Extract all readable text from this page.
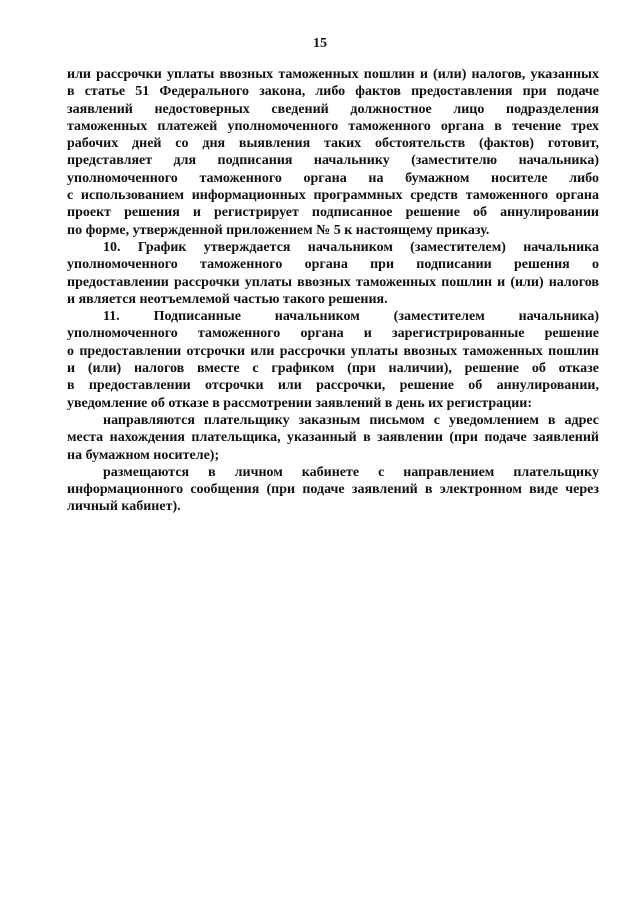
15
или рассрочки уплаты ввозных таможенных пошлин и (или) налогов, указанных
в статье 51 Федерального закона, либо фактов предоставления при подаче
заявлений недостоверных сведений должностное лицо подразделения
таможенных платежей уполномоченного таможенного органа в течение трех
рабочих дней со дня выявления таких обстоятельств (фактов) готовит,
представляет для подписания начальнику (заместителю начальника)
уполномоченного таможенного органа на бумажном носителе либо
с использованием информационных программных средств таможенного органа
проект решения и регистрирует подписанное решение об аннулировании
по форме, утвержденной приложением № 5 к настоящему приказу.
10. График утверждается начальником (заместителем) начальника
уполномоченного таможенного органа при подписании решения о
предоставлении рассрочки уплаты ввозных таможенных пошлин и (или) налогов
и является неотъемлемой частью такого решения.
11. Подписанные начальником (заместителем начальника)
уполномоченного таможенного органа и зарегистрированные решение
о предоставлении отсрочки или рассрочки уплаты ввозных таможенных пошлин
и (или) налогов вместе с графиком (при наличии), решение об отказе
в предоставлении отсрочки или рассрочки, решение об аннулировании,
уведомление об отказе в рассмотрении заявлений в день их регистрации:
направляются плательщику заказным письмом с уведомлением в адрес
места нахождения плательщика, указанный в заявлении (при подаче заявлений
на бумажном носителе);
размещаются в личном кабинете с направлением плательщику
информационного сообщения (при подаче заявлений в электронном виде через
личный кабинет).
